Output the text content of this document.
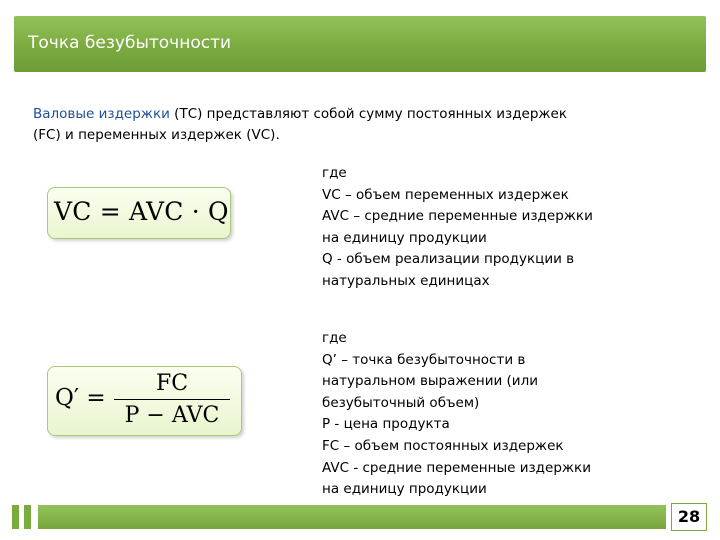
Точка безубыточности
Валовые издержки (ТС) представляют собой сумму постоянных издержек
(FC) и переменных издержек (VC).
VC = AVC · Q
Q′ =
FC
P − AVC
где
VC – объем переменных издержек
AVC – средние переменные издержки
на единицу продукции
Q - объем реализации продукции в
натуральных единицах
где
Q’ – точка безубыточности в
натуральном выражении (или
безубыточный объем)
Р - цена продукта
FC – объем постоянных издержек
AVC - средние переменные издержки
на единицу продукции
28
